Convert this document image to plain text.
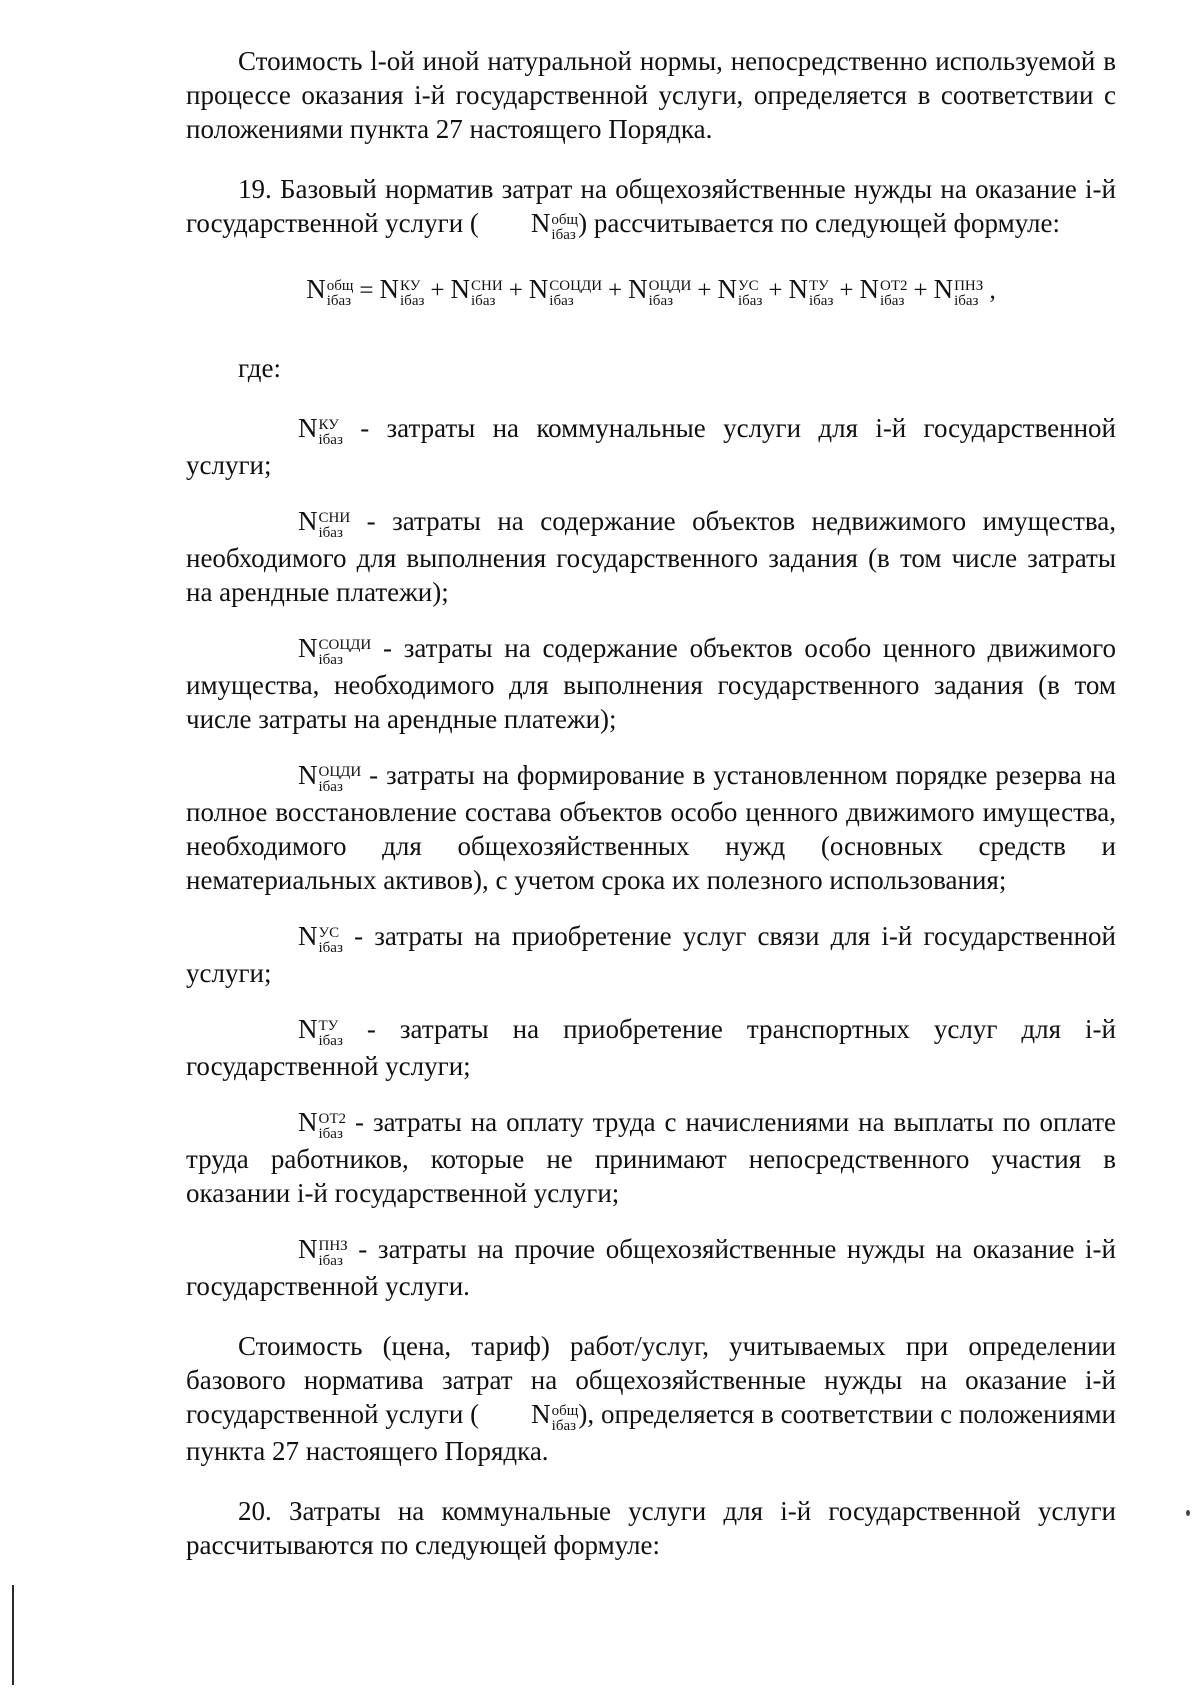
Стоимость l-ой иной натуральной нормы, непосредственно используемой в процессе оказания i-й государственной услуги, определяется в соответствии с положениями пункта 27 настоящего Порядка.

19. Базовый норматив затрат на общехозяйственные нужды на оказание i-й государственной услуги ( N общ
iбаз ) рассчитывается по следующей формуле:

N общ
iбаз = N КУ
iбаз + N СНИ
iбаз + N СОЦДИ
iбаз	+ N ОЦДИ
iбаз + N УС
iбаз + N ТУ
iбаз + N ОТ2
iбаз + N ПНЗ
iбаз ,

где:

N КУ
iбаз - затраты на коммунальные услуги для i-й государственной услуги;

N СНИ
iбаз - затраты на содержание объектов недвижимого имущества, необходимого для выполнения государственного задания (в том числе затраты на арендные платежи);

N СОЦДИ
iбаз	- затраты на содержание объектов особо ценного движимого имущества, необходимого для выполнения государственного задания (в том числе затраты на арендные платежи);

N ОЦДИ
iбаз - затраты на формирование в установленном порядке резерва на полное восстановление состава объектов особо ценного движимого имущества, необходимого для общехозяйственных нужд (основных средств и нематериальных активов), с учетом срока их полезного использования;

N УС
iбаз - затраты на приобретение услуг связи для i-й государственной услуги;

N ТУ
iбаз - затраты на приобретение транспортных услуг для i-й государственной услуги;

N ОТ2
iбаз - затраты на оплату труда с начислениями на выплаты по оплате труда работников, которые не принимают непосредственного участия в оказании i-й государственной услуги;

N ПНЗ
iбаз - затраты на прочие общехозяйственные нужды на оказание i-й государственной услуги.

Стоимость (цена, тариф) работ/услуг, учитываемых при определении базового норматива затрат на общехозяйственные нужды на оказание i-й государственной услуги ( N общ
iбаз ), определяется в соответствии с положениями пункта 27 настоящего Порядка.

20. Затраты на коммунальные услуги для i-й государственной услуги рассчитываются по следующей формуле:
